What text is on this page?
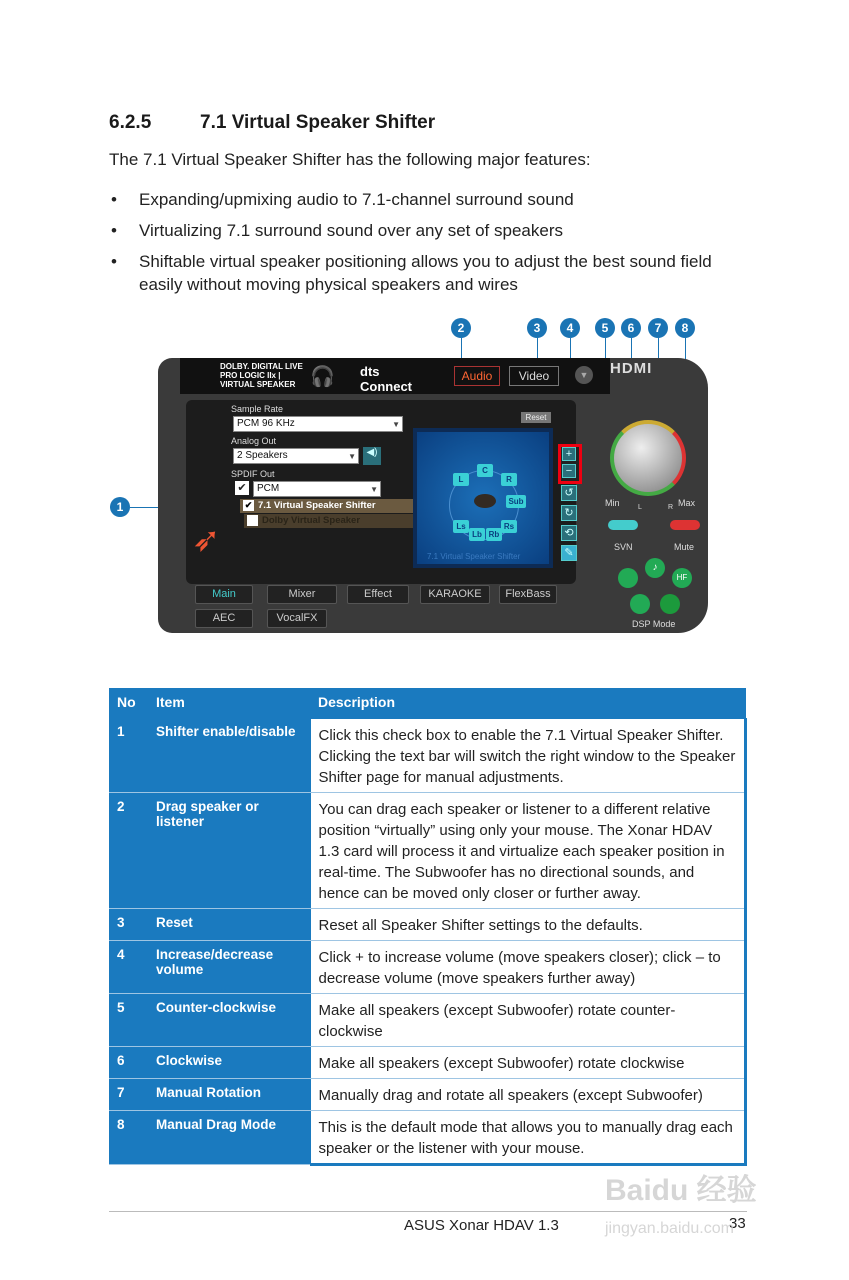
6.2.5	7.1 Virtual Speaker Shifter

The 7.1 Virtual Speaker Shifter has the following major features:

• Expanding/upmixing audio to 7.1-channel surround sound
• Virtualizing 7.1 surround sound over any set of speakers
• Shiftable virtual speaker positioning allows you to adjust the best sound field easily without moving physical speakers and wires
DOLBY. DIGITAL LIVE PRO LOGIC IIx | VIRTUAL SPEAKER 🎧 dts Connect
Audio	Video	▼	HDMI
Sample Rate
PCM 96 KHz ▼
Analog Out
2 Speakers ▼	◀)
SPDIF Out
✔	PCM ▼
✔ 7.1 Virtual Speaker Shifter
Dolby Virtual Speaker
➶
Reset
L
C
R
Sub
Ls
Lb Rb
Rs
7.1 Virtual Speaker Shifter
+
−
↺
↻
⟲
✎
Min	Max
L	R
SVN	Mute
♪
HF
DSP Mode
Main	Mixer	Effect	KARAOKE	FlexBass
AEC	VocalFX
1
2	3	4	5	6	7	8
No	Item	Description
1	Shifter enable/disable	Click this check box to enable the 7.1 Virtual Speaker Shifter. Clicking the text bar will switch the right window to the Speaker Shifter page for manual adjustments.
2	Drag speaker or listener	You can drag each speaker or listener to a different relative position “virtually” using only your mouse. The Xonar HDAV 1.3 card will process it and virtualize each speaker position in real-time. The Subwoofer has no directional sounds, and hence can be moved only closer or further away.
3	Reset	Reset all Speaker Shifter settings to the defaults.
4	Increase/decrease volume	Click + to increase volume (move speakers closer); click – to decrease volume (move speakers further away)
5	Counter-clockwise	Make all speakers (except Subwoofer) rotate counter-clockwise
6	Clockwise	Make all speakers (except Subwoofer) rotate clockwise
7	Manual Rotation	Manually drag and rotate all speakers (except Subwoofer)
8	Manual Drag Mode	This is the default mode that allows you to manually drag each speaker or the listener with your mouse.
ASUS Xonar HDAV 1.3	33
Baidu 经验
jingyan.baidu.com
